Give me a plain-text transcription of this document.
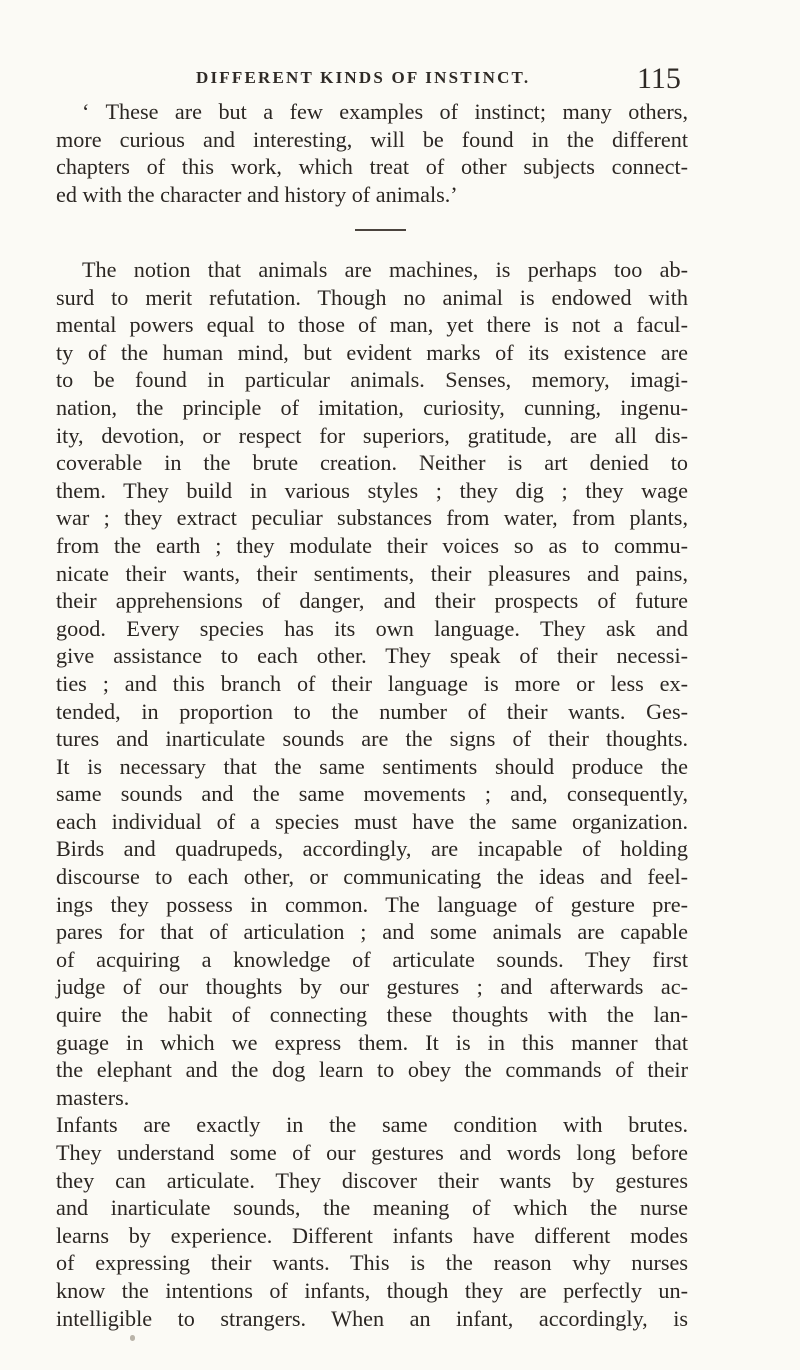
DIFFERENT KINDS OF INSTINCT.	115
‘ These are but a few examples of instinct; many others,
more curious and interesting, will be found in the different
chapters of this work, which treat of other subjects connect-
ed with the character and history of animals.’
The notion that animals are machines, is perhaps too ab-
surd to merit refutation. Though no animal is endowed with
mental powers equal to those of man, yet there is not a facul-
ty of the human mind, but evident marks of its existence are
to be found in particular animals. Senses, memory, imagi-
nation, the principle of imitation, curiosity, cunning, ingenu-
ity, devotion, or respect for superiors, gratitude, are all dis-
coverable in the brute creation. Neither is art denied to
them. They build in various styles ; they dig ; they wage
war ; they extract peculiar substances from water, from plants,
from the earth ; they modulate their voices so as to commu-
nicate their wants, their sentiments, their pleasures and pains,
their apprehensions of danger, and their prospects of future
good. Every species has its own language. They ask and
give assistance to each other. They speak of their necessi-
ties ; and this branch of their language is more or less ex-
tended, in proportion to the number of their wants. Ges-
tures and inarticulate sounds are the signs of their thoughts.
It is necessary that the same sentiments should produce the
same sounds and the same movements ; and, consequently,
each individual of a species must have the same organization.
Birds and quadrupeds, accordingly, are incapable of holding
discourse to each other, or communicating the ideas and feel-
ings they possess in common. The language of gesture pre-
pares for that of articulation ; and some animals are capable
of acquiring a knowledge of articulate sounds. They first
judge of our thoughts by our gestures ; and afterwards ac-
quire the habit of connecting these thoughts with the lan-
guage in which we express them. It is in this manner that
the elephant and the dog learn to obey the commands of their
masters.
Infants are exactly in the same condition with brutes.
They understand some of our gestures and words long before
they can articulate. They discover their wants by gestures
and inarticulate sounds, the meaning of which the nurse
learns by experience. Different infants have different modes
of expressing their wants. This is the reason why nurses
know the intentions of infants, though they are perfectly un-
intelligible to strangers. When an infant, accordingly, is
